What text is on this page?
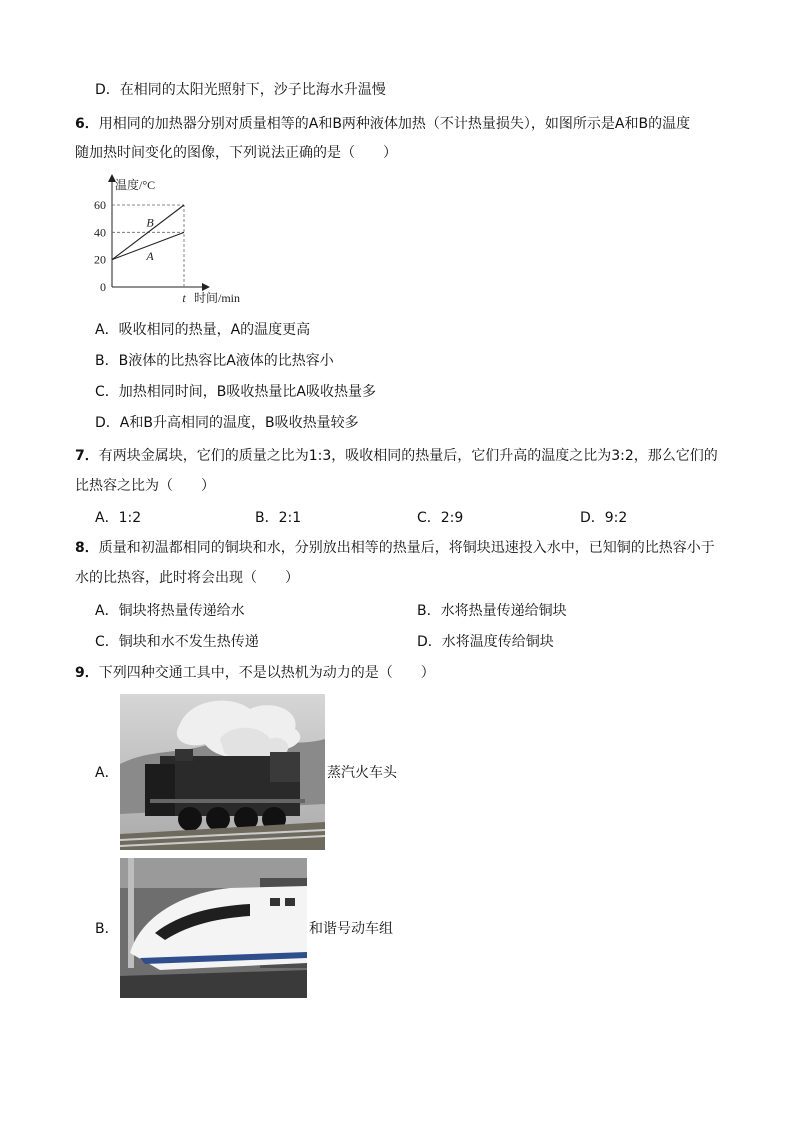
D．在相同的太阳光照射下，沙子比海水升温慢
6．用相同的加热器分别对质量相等的A和B两种液体加热（不计热量损失），如图所示是A和B的温度
随加热时间变化的图像，下列说法正确的是（　　）
B
A
0
20
40
60
t
温度/°C
时间/min
A．吸收相同的热量，A的温度更高
B．B液体的比热容比A液体的比热容小
C．加热相同时间，B吸收热量比A吸收热量多
D．A和B升高相同的温度，B吸收热量较多
7．有两块金属块，它们的质量之比为1:3，吸收相同的热量后，它们升高的温度之比为3:2，那么它们的
比热容之比为（　　）
A．1:2	B．2:1	C．2:9	D．9:2
8．质量和初温都相同的铜块和水，分别放出相等的热量后，将铜块迅速投入水中，已知铜的比热容小于
水的比热容，此时将会出现（　　）
A．铜块将热量传递给水	B．水将热量传递给铜块
C．铜块和水不发生热传递	D．水将温度传给铜块
9．下列四种交通工具中，不是以热机为动力的是（　　）
A．	蒸汽火车头
B．	和谐号动车组
